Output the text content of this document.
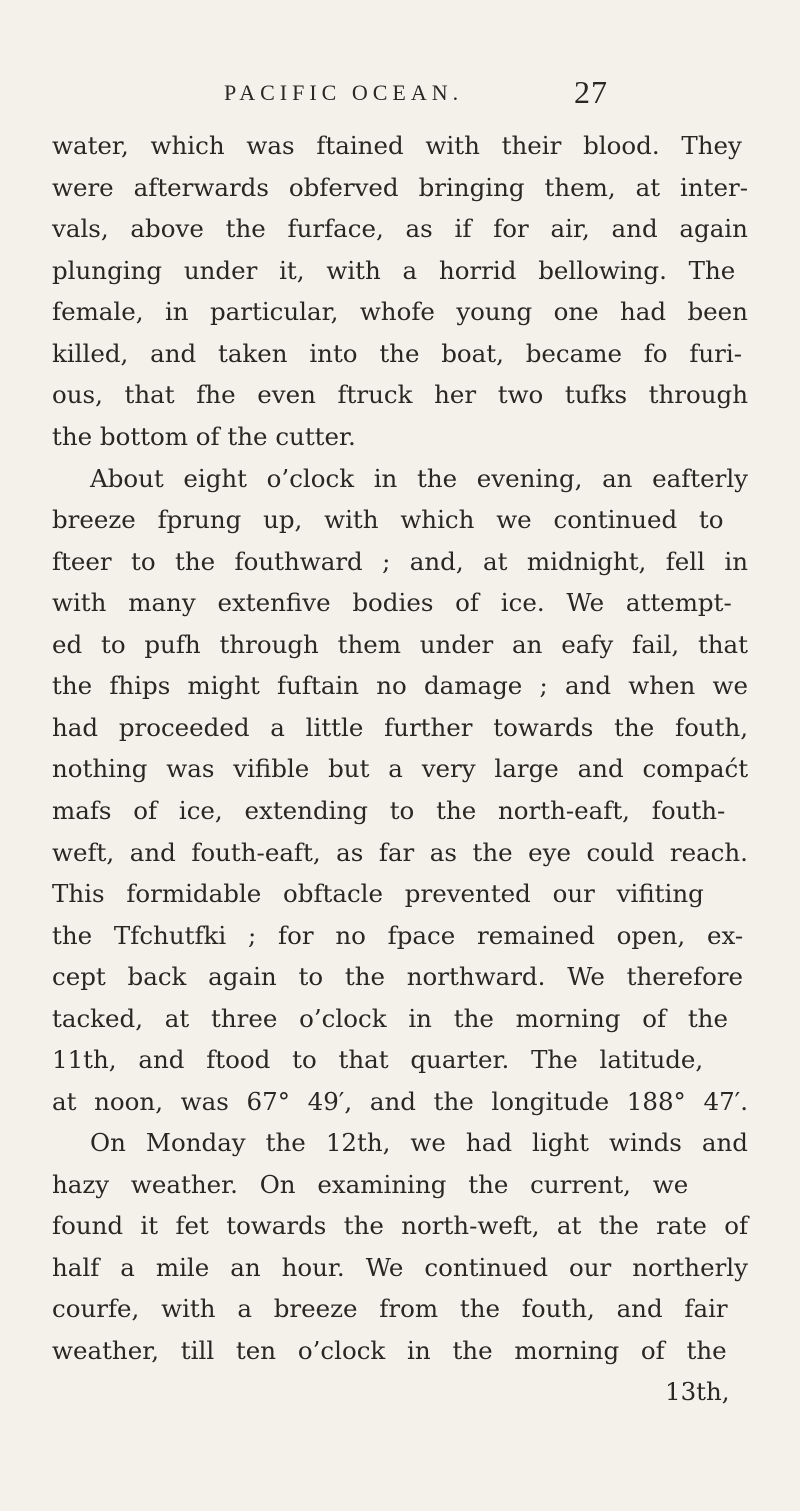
PACIFIC OCEAN.	27
water, which was ftained with their blood. They
were afterwards obferved bringing them, at inter-
vals, above the furface, as if for air, and again
plunging under it, with a horrid bellowing. The
female, in particular, whofe young one had been
killed, and taken into the boat, became fo furi-
ous, that fhe even ftruck her two tufks through
the bottom of the cutter.
About eight o’clock in the evening, an eafterly
breeze fprung up, with which we continued to
fteer to the fouthward ; and, at midnight, fell in
with many extenfive bodies of ice. We attempt-
ed to pufh through them under an eafy fail, that
the fhips might fuftain no damage ; and when we
had proceeded a little further towards the fouth,
nothing was vifible but a very large and compaćt
mafs of ice, extending to the north-eaft, fouth-
weft, and fouth-eaft, as far as the eye could reach.
This formidable obftacle prevented our vifiting
the Tfchutfki ; for no fpace remained open, ex-
cept back again to the northward. We therefore
tacked, at three o’clock in the morning of the
11th, and ftood to that quarter. The latitude,
at noon, was 67° 49′, and the longitude 188° 47′.
On Monday the 12th, we had light winds and
hazy weather. On examining the current, we
found it fet towards the north-weft, at the rate of
half a mile an hour. We continued our northerly
courfe, with a breeze from the fouth, and fair
weather, till ten o’clock in the morning of the
13th,
